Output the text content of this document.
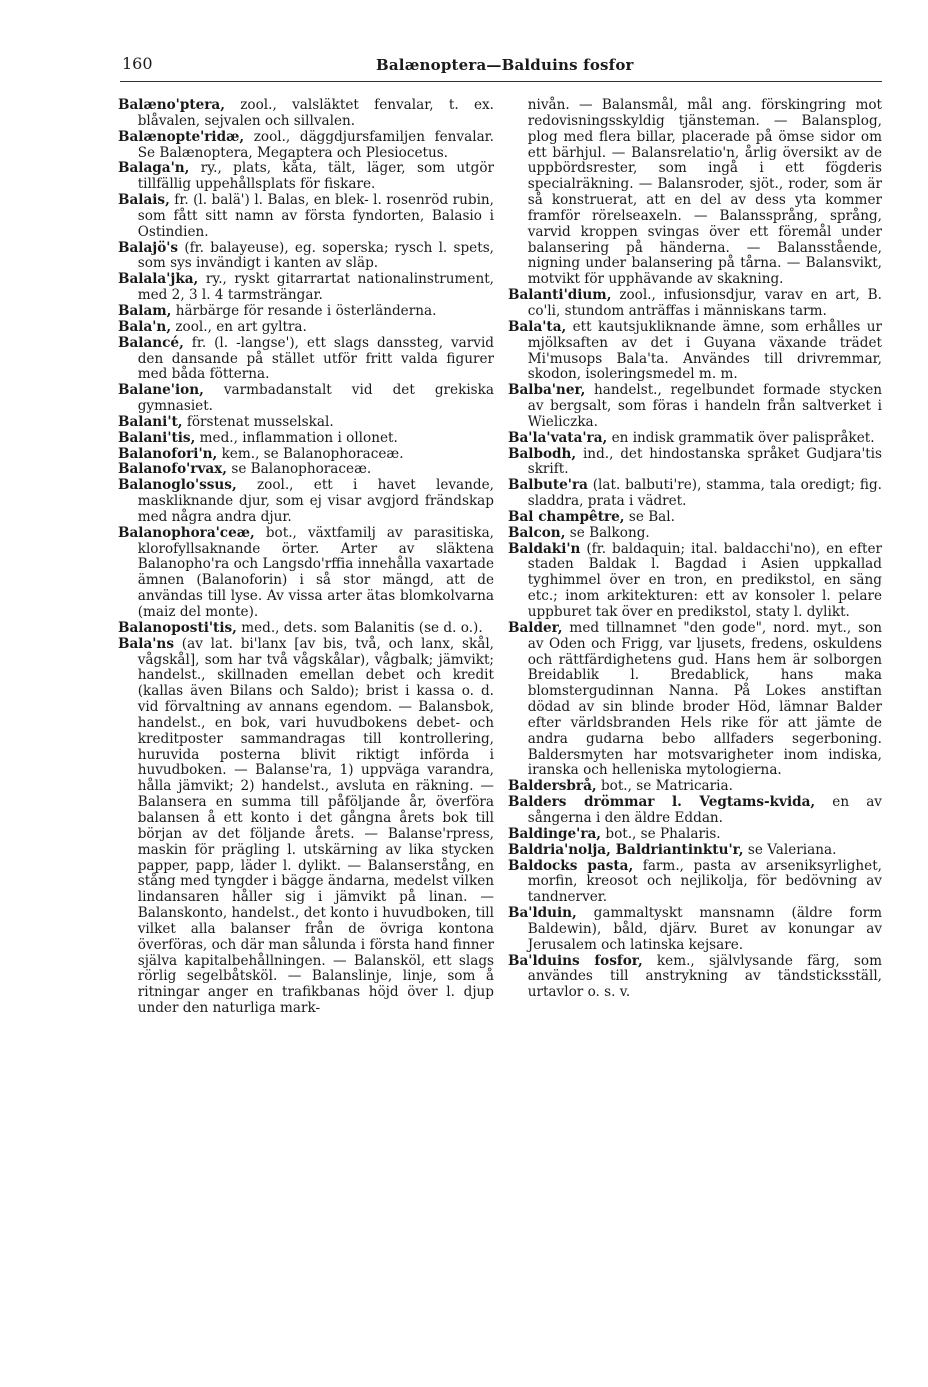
160	Balænoptera—Balduins fosfor

Balæno'ptera, zool., valsläktet fenvalar, t. ex. blåvalen, sejvalen och sillvalen.

Balænopte'ridæ, zool., däggdjursfamiljen fenvalar. Se Balænoptera, Megaptera och Plesiocetus.

Balaga'n, ry., plats, kåta, tält, läger, som utgör tillfällig uppehållsplats för fiskare.

Balais, fr. (l. balä') l. Balas, en blek- l. rosenröd rubin, som fått sitt namn av första fyndorten, Balasio i Ostindien.

Balajö's (fr. balayeuse), eg. soperska; rysch l. spets, som sys invändigt i kanten av släp.

Balala'jka, ry., ryskt gitarrartat nationalinstrument, med 2, 3 l. 4 tarmsträngar.

Balam, härbärge för resande i österländerna.

Bala'n, zool., en art gyltra.

Balancé, fr. (l. -langse'), ett slags danssteg, varvid den dansande på stället utför fritt valda figurer med båda fötterna.

Balane'ion, varmbadanstalt vid det grekiska gymnasiet.

Balani't, förstenat musselskal.

Balani'tis, med., inflammation i ollonet.

Balanofori'n, kem., se Balanophoraceæ.

Balanofo'rvax, se Balanophoraceæ.

Balanoglo'ssus, zool., ett i havet levande, maskliknande djur, som ej visar avgjord frändskap med några andra djur.

Balanophora'ceæ, bot., växtfamilj av parasitiska, klorofyllsaknande örter. Arter av släktena Balanopho'ra och Langsdo'rffia innehålla vaxartade ämnen (Balanoforin) i så stor mängd, att de användas till lyse. Av vissa arter ätas blomkolvarna (maiz del monte).

Balanoposti'tis, med., dets. som Balanitis (se d. o.).

Bala'ns (av lat. bi'lanx [av bis, två, och lanx, skål, vågskål], som har två vågskålar), vågbalk; jämvikt; handelst., skillnaden emellan debet och kredit (kallas även Bilans och Saldo); brist i kassa o. d. vid förvaltning av annans egendom. — Balansbok, handelst., en bok, vari huvudbokens debet- och kreditposter sammandragas till kontrollering, huruvida posterna blivit riktigt införda i huvudboken. — Balanse'ra, 1) uppväga varandra, hålla jämvikt; 2) handelst., avsluta en räkning. — Balansera en summa till påföljande år, överföra balansen å ett konto i det gångna årets bok till början av det följande årets. — Balanse'rpress, maskin för prägling l. utskärning av lika stycken papper, papp, läder l. dylikt. — Balanserstång, en stång med tyngder i bägge ändarna, medelst vilken lindansaren håller sig i jämvikt på linan. — Balanskonto, handelst., det konto i huvudboken, till vilket alla balanser från de övriga kontona överföras, och där man sålunda i första hand finner själva kapitalbehållningen. — Balansköl, ett slags rörlig segelbåtsköl. — Balanslinje, linje, som å ritningar anger en trafikbanas höjd över l. djup under den naturliga mark-

nivån. — Balansmål, mål ang. förskingring mot redovisningsskyldig tjänsteman. — Balansplog, plog med flera billar, placerade på ömse sidor om ett bärhjul. — Balansrelatio'n, årlig översikt av de uppbördsrester, som ingå i ett fögderis specialräkning. — Balansroder, sjöt., roder, som är så konstruerat, att en del av dess yta kommer framför rörelseaxeln. — Balanssprång, språng, varvid kroppen svingas över ett föremål under balansering på händerna. — Balansstående, nigning under balansering på tårna. — Balansvikt, motvikt för upphävande av skakning.

Balanti'dium, zool., infusionsdjur, varav en art, B. co'li, stundom anträffas i människans tarm.

Bala'ta, ett kautsjukliknande ämne, som erhålles ur mjölksaften av det i Guyana växande trädet Mi'musops Bala'ta. Användes till drivremmar, skodon, isoleringsmedel m. m.

Balba'ner, handelst., regelbundet formade stycken av bergsalt, som föras i handeln från saltverket i Wieliczka.

Ba'la'vata'ra, en indisk grammatik över palispråket.

Balbodh, ind., det hindostanska språket Gudjara'tis skrift.

Balbute'ra (lat. balbuti're), stamma, tala oredigt; fig. sladdra, prata i vädret.

Bal champêtre, se Bal.

Balcon, se Balkong.

Baldaki'n (fr. baldaquin; ital. baldacchi'no), en efter staden Baldak l. Bagdad i Asien uppkallad tyghimmel över en tron, en predikstol, en säng etc.; inom arkitekturen: ett av konsoler l. pelare uppburet tak över en predikstol, staty l. dylikt.

Balder, med tillnamnet "den gode", nord. myt., son av Oden och Frigg, var ljusets, fredens, oskuldens och rättfärdighetens gud. Hans hem är solborgen Breidablik l. Bredablick, hans maka blomstergudinnan Nanna. På Lokes anstiftan dödad av sin blinde broder Höd, lämnar Balder efter världsbranden Hels rike för att jämte de andra gudarna bebo allfaders segerboning. Baldersmyten har motsvarigheter inom indiska, iranska och helleniska mytologierna.

Baldersbrå, bot., se Matricaria.

Balders drömmar l. Vegtams-kvida, en av sångerna i den äldre Eddan.

Baldinge'ra, bot., se Phalaris.

Baldria'nolja, Baldriantinktu'r, se Valeriana.

Baldocks pasta, farm., pasta av arseniksyrlighet, morfin, kreosot och nejlikolja, för bedövning av tandnerver.

Ba'lduin, gammaltyskt mansnamn (äldre form Baldewin), båld, djärv. Buret av konungar av Jerusalem och latinska kejsare.

Ba'lduins fosfor, kem., självlysande färg, som användes till anstrykning av tändsticksställ, urtavlor o. s. v.
